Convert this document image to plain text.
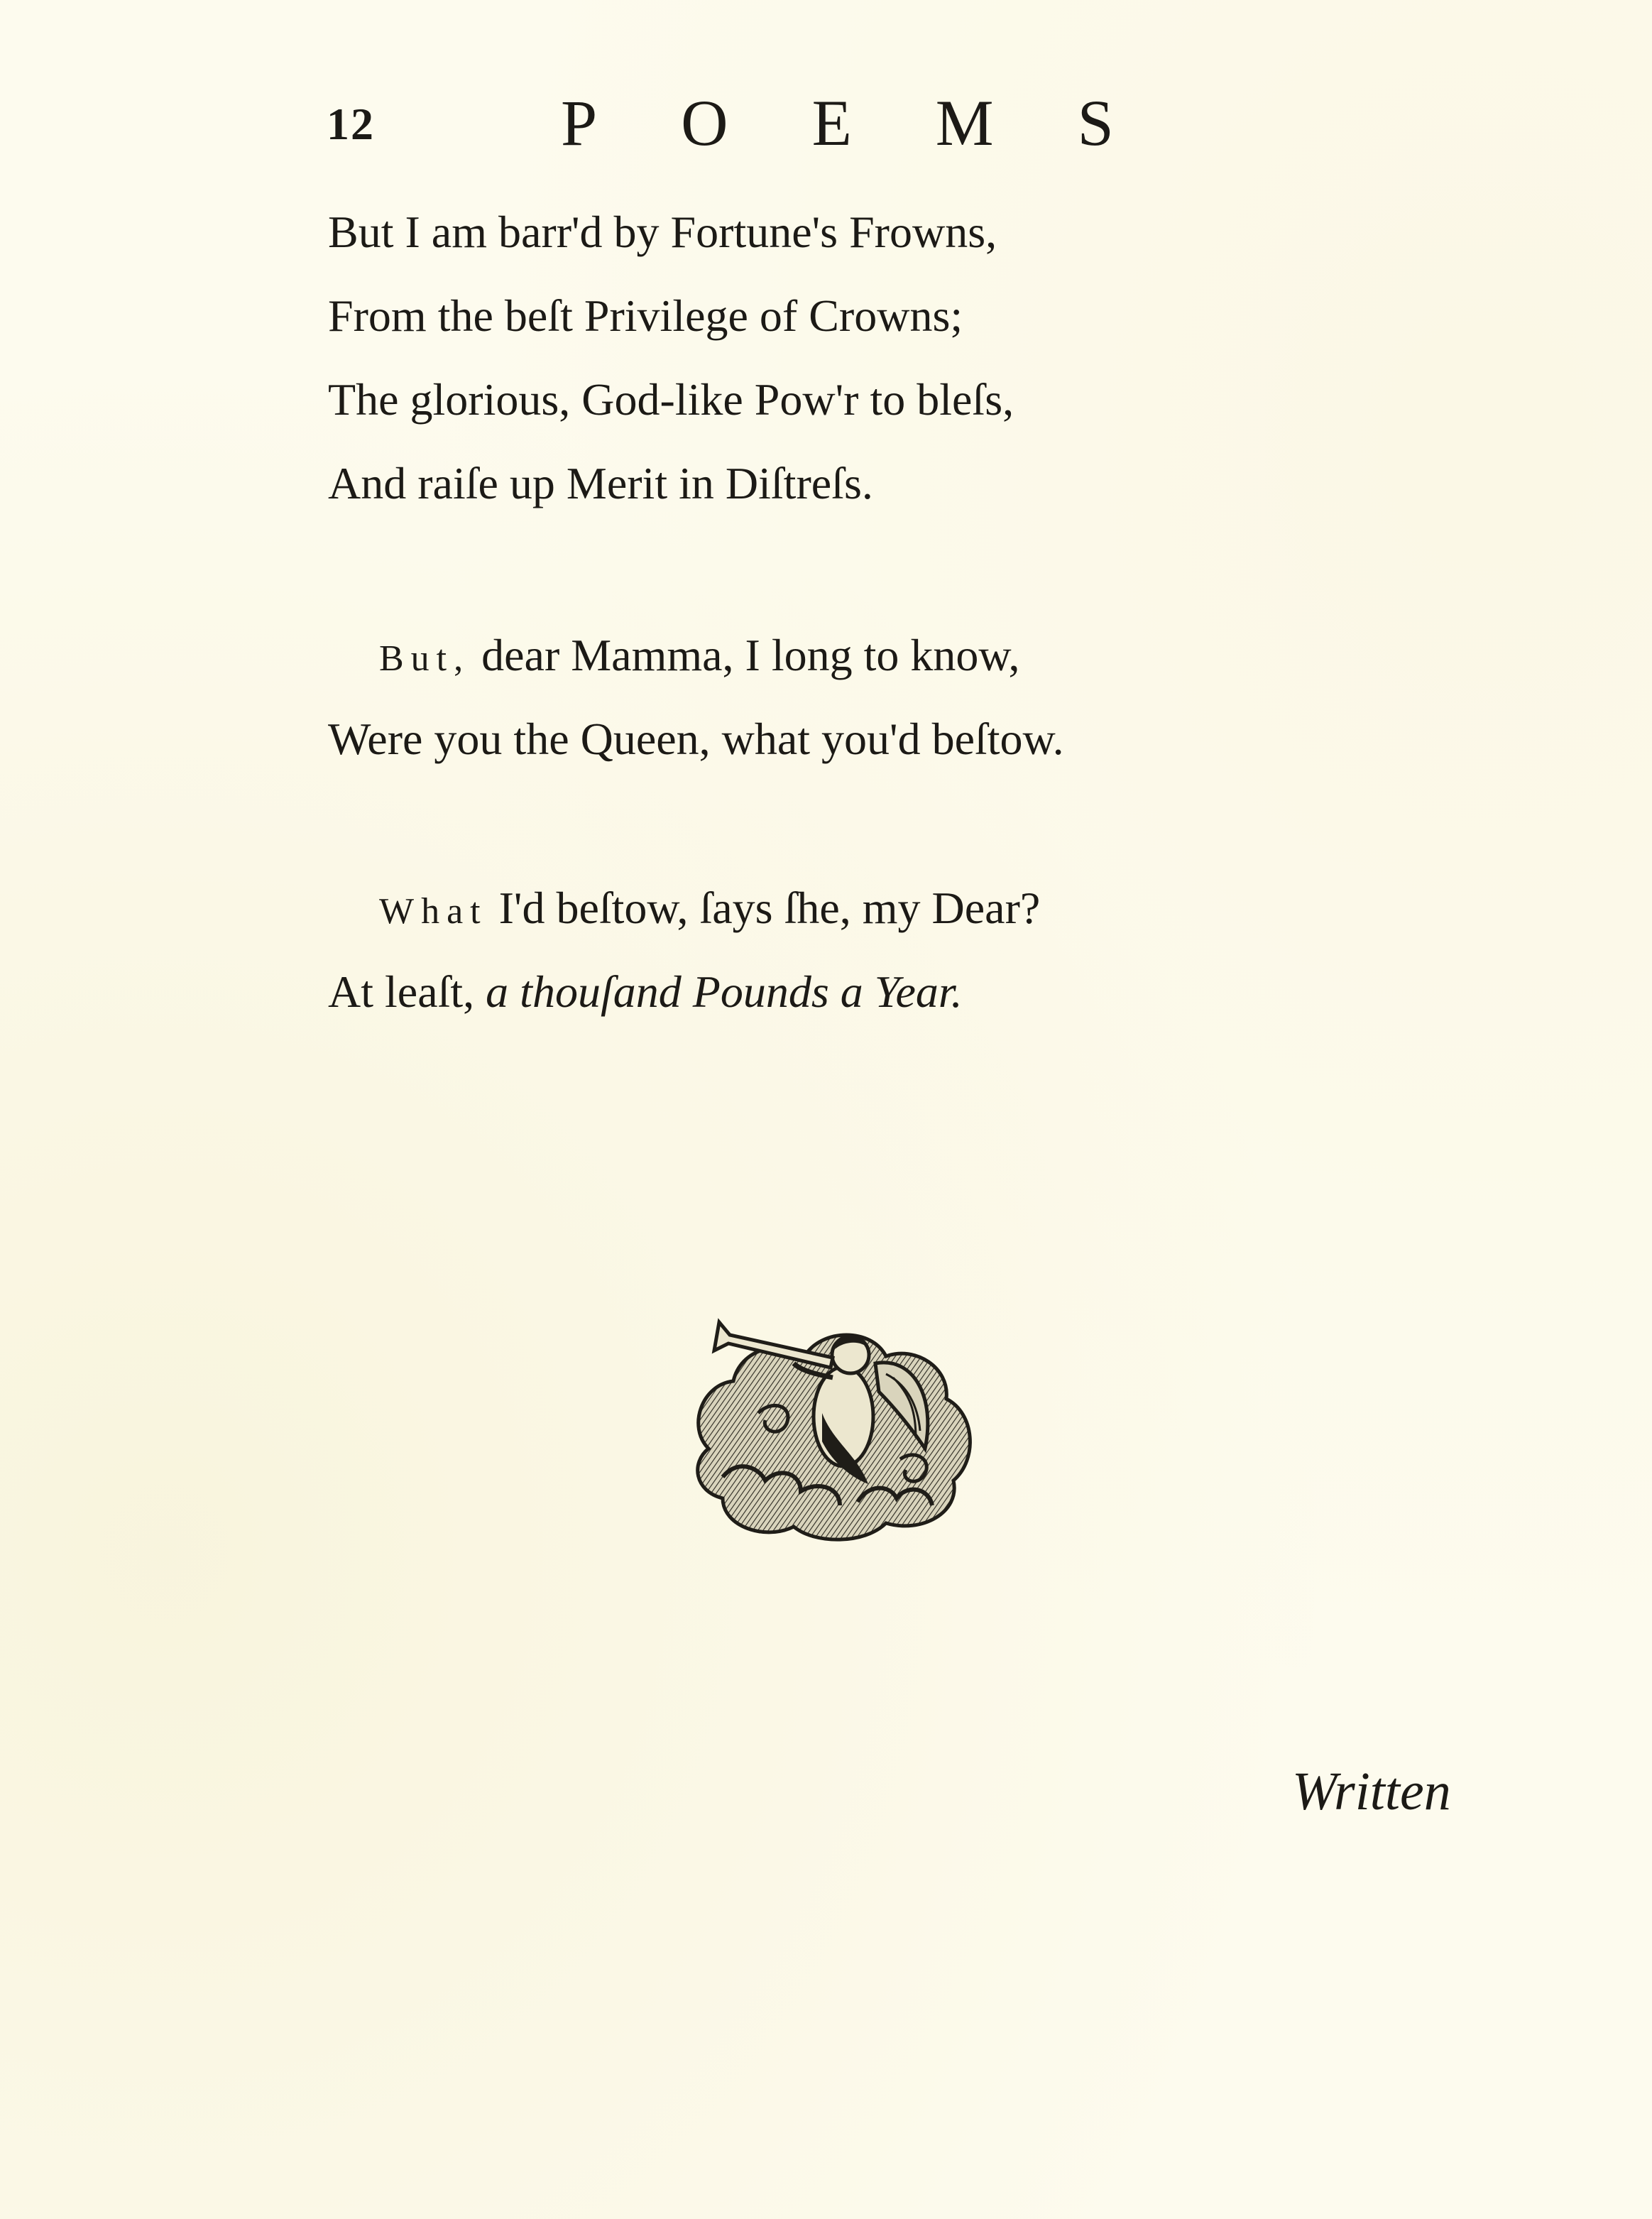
12	POEMS
But I am barr'd by Fortune's Frowns,
From the beſt Privilege of Crowns;
The glorious, God-like Pow'r to bleſs,
And raiſe up Merit in Diſtreſs.
But, dear Mamma, I long to know,
Were you the Queen, what you'd beſtow.
What I'd beſtow, ſays ſhe, my Dear?
At leaſt, a thouſand Pounds a Year.
Written
